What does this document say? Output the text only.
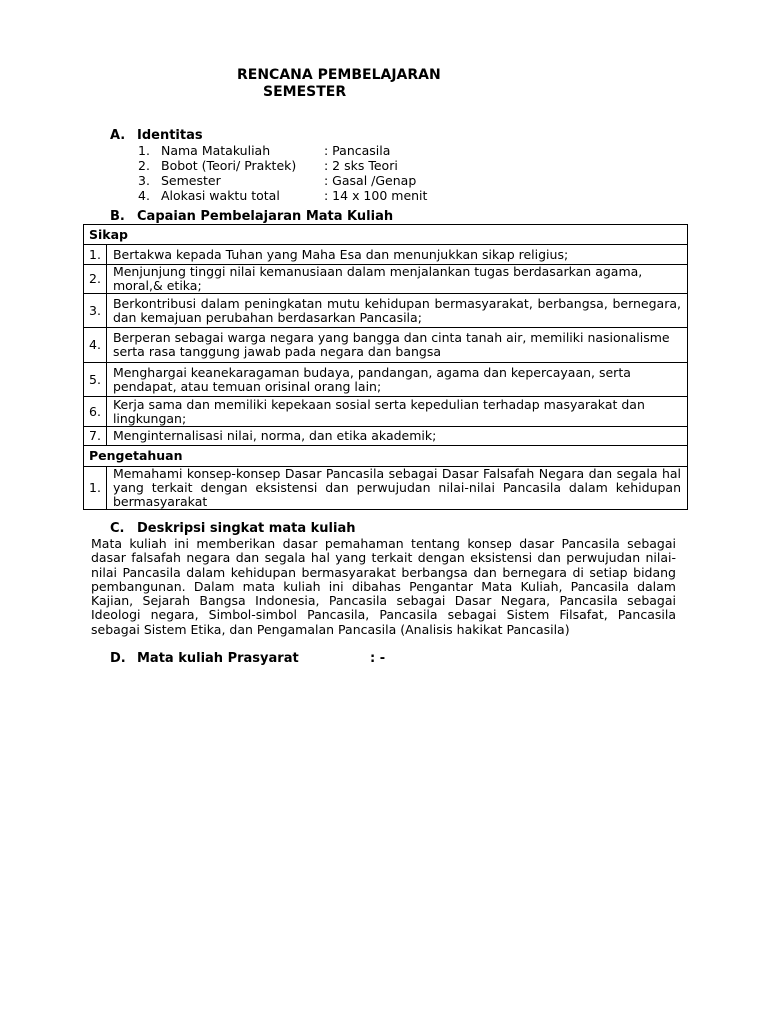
RENCANA PEMBELAJARAN
SEMESTER
A. Identitas
1. Nama Matakuliah	: Pancasila
2. Bobot (Teori/ Praktek) : 2 sks Teori
3. Semester	: Gasal /Genap
4. Alokasi waktu total	: 14 x 100 menit
B. Capaian Pembelajaran Mata Kuliah
Sikap	
1.	Bertakwa kepada Tuhan yang Maha Esa dan menunjukkan sikap religius;
2.	Menjunjung tinggi nilai kemanusiaan dalam menjalankan tugas berdasarkan agama, moral,& etika;
3.	Berkontribusi dalam peningkatan mutu kehidupan bermasyarakat, berbangsa, bernegara, dan kemajuan perubahan berdasarkan Pancasila;
4.	Berperan sebagai warga negara yang bangga dan cinta tanah air, memiliki nasionalisme serta rasa tanggung jawab pada negara dan bangsa
5.	Menghargai keanekaragaman budaya, pandangan, agama dan kepercayaan, serta pendapat, atau temuan orisinal orang lain;
6.	Kerja sama dan memiliki kepekaan sosial serta kepedulian terhadap masyarakat dan lingkungan;
7.	Menginternalisasi nilai, norma, dan etika akademik;
Pengetahuan	
1.	Memahami konsep-konsep Dasar Pancasila sebagai Dasar Falsafah Negara dan segala hal yang terkait dengan eksistensi dan perwujudan nilai-nilai Pancasila dalam kehidupan bermasyarakat
C. Deskripsi singkat mata kuliah
Mata kuliah ini memberikan dasar pemahaman tentang konsep dasar Pancasila sebagai dasar falsafah negara dan segala hal yang terkait dengan eksistensi dan perwujudan nilai-nilai Pancasila dalam kehidupan bermasyarakat berbangsa dan bernegara di setiap bidang pembangunan. Dalam mata kuliah ini dibahas Pengantar Mata Kuliah, Pancasila dalam Kajian, Sejarah Bangsa Indonesia, Pancasila sebagai Dasar Negara, Pancasila sebagai Ideologi negara, Simbol-simbol Pancasila, Pancasila sebagai Sistem Filsafat, Pancasila sebagai Sistem Etika, dan Pengamalan Pancasila (Analisis hakikat Pancasila)
D. Mata kuliah Prasyarat	: -
